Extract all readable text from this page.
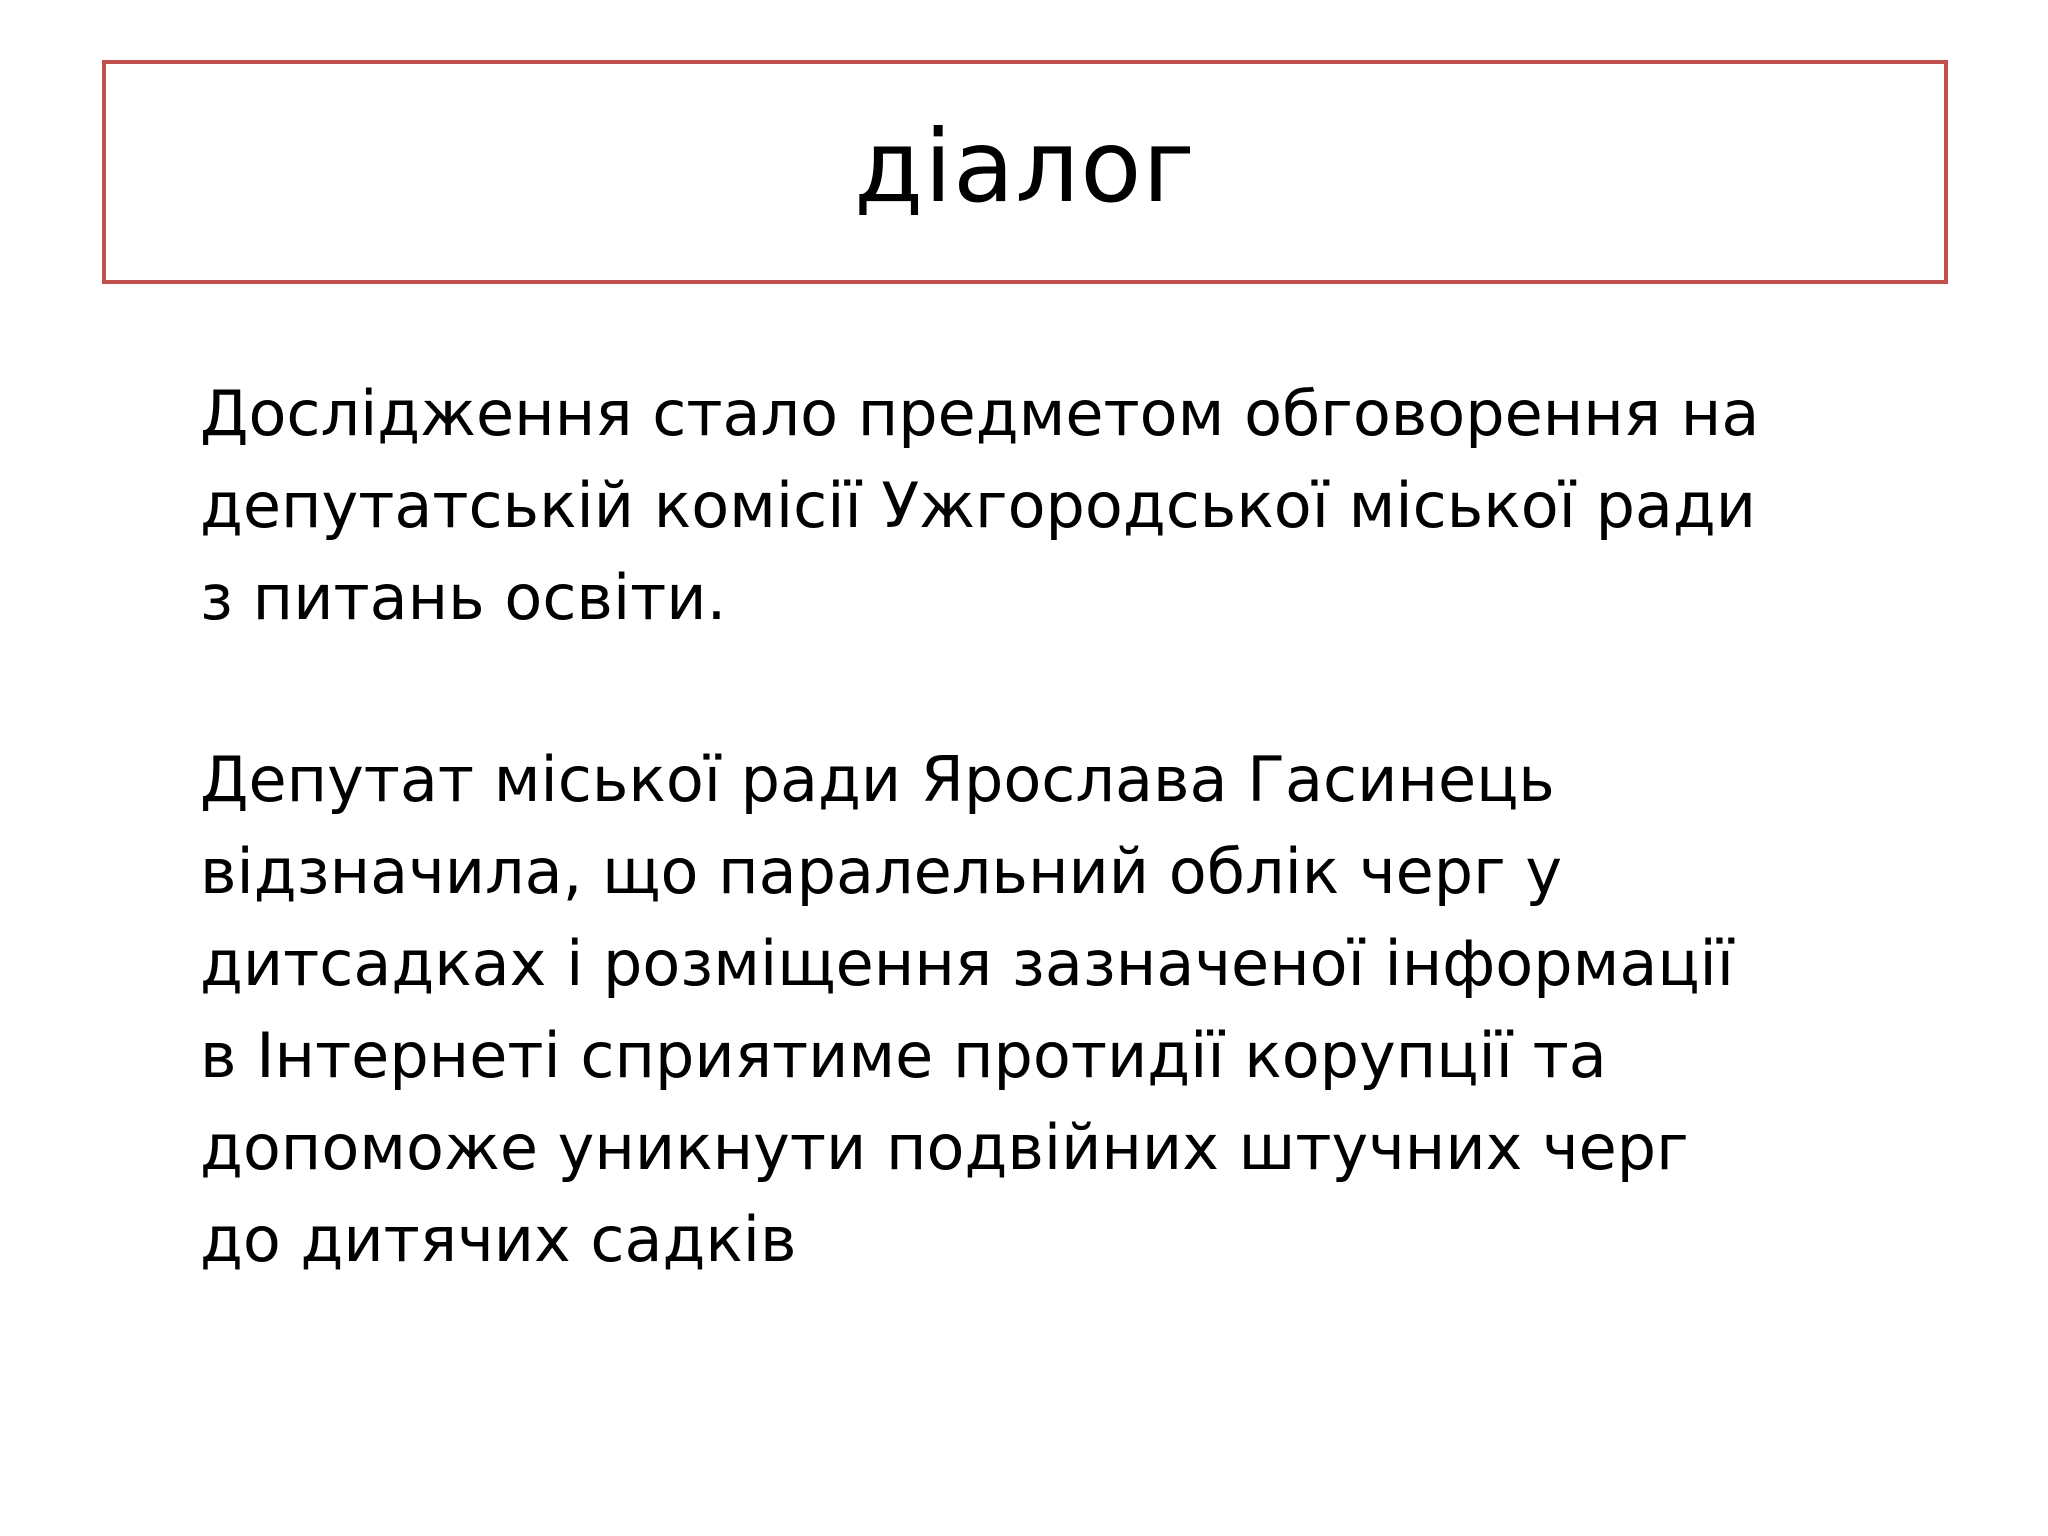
діалог

Дослідження стало предметом обговорення на
депутатській комісії Ужгородської міської ради
з питань освіти.

Депутат міської ради Ярослава Гасинець
відзначила, що паралельний облік черг у
дитсадках і розміщення зазначеної інформації
в Інтернеті сприятиме протидії корупції та
допоможе уникнути подвійних штучних черг
до дитячих садків
